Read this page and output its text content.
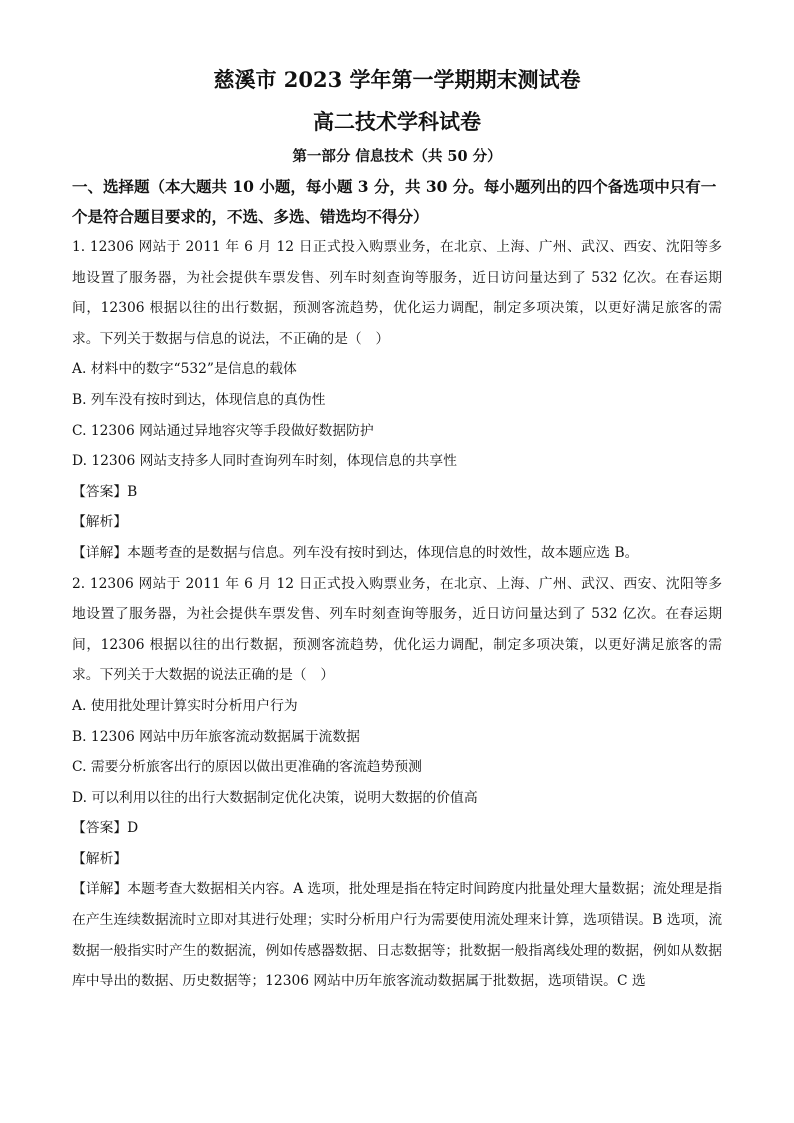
慈溪市 2023 学年第一学期期末测试卷
高二技术学科试卷
第一部分 信息技术（共 50 分）

一、选择题（本大题共 10 小题，每小题 3 分，共 30 分。每小题列出的四个备选项中只有一个是符合题目要求的，不选、多选、错选均不得分）

1. 12306 网站于 2011 年 6 月 12 日正式投入购票业务，在北京、上海、广州、武汉、西安、沈阳等多地设置了服务器，为社会提供车票发售、列车时刻查询等服务，近日访问量达到了 532 亿次。在春运期间，12306 根据以往的出行数据，预测客流趋势，优化运力调配，制定多项决策，以更好满足旅客的需求。下列关于数据与信息的说法，不正确的是（　）

A. 材料中的数字“532”是信息的载体

B. 列车没有按时到达，体现信息的真伪性

C. 12306 网站通过异地容灾等手段做好数据防护

D. 12306 网站支持多人同时查询列车时刻，体现信息的共享性

【答案】B

【解析】

【详解】本题考查的是数据与信息。列车没有按时到达，体现信息的时效性，故本题应选 B。

2. 12306 网站于 2011 年 6 月 12 日正式投入购票业务，在北京、上海、广州、武汉、西安、沈阳等多地设置了服务器，为社会提供车票发售、列车时刻查询等服务，近日访问量达到了 532 亿次。在春运期间，12306 根据以往的出行数据，预测客流趋势，优化运力调配，制定多项决策，以更好满足旅客的需求。下列关于大数据的说法正确的是（　）

A. 使用批处理计算实时分析用户行为

B. 12306 网站中历年旅客流动数据属于流数据

C. 需要分析旅客出行的原因以做出更准确的客流趋势预测

D. 可以利用以往的出行大数据制定优化决策，说明大数据的价值高

【答案】D

【解析】

【详解】本题考查大数据相关内容。A 选项，批处理是指在特定时间跨度内批量处理大量数据；流处理是指在产生连续数据流时立即对其进行处理；实时分析用户行为需要使用流处理来计算，选项错误。B 选项，流数据一般指实时产生的数据流，例如传感器数据、日志数据等；批数据一般指离线处理的数据，例如从数据库中导出的数据、历史数据等；12306 网站中历年旅客流动数据属于批数据，选项错误。C 选
